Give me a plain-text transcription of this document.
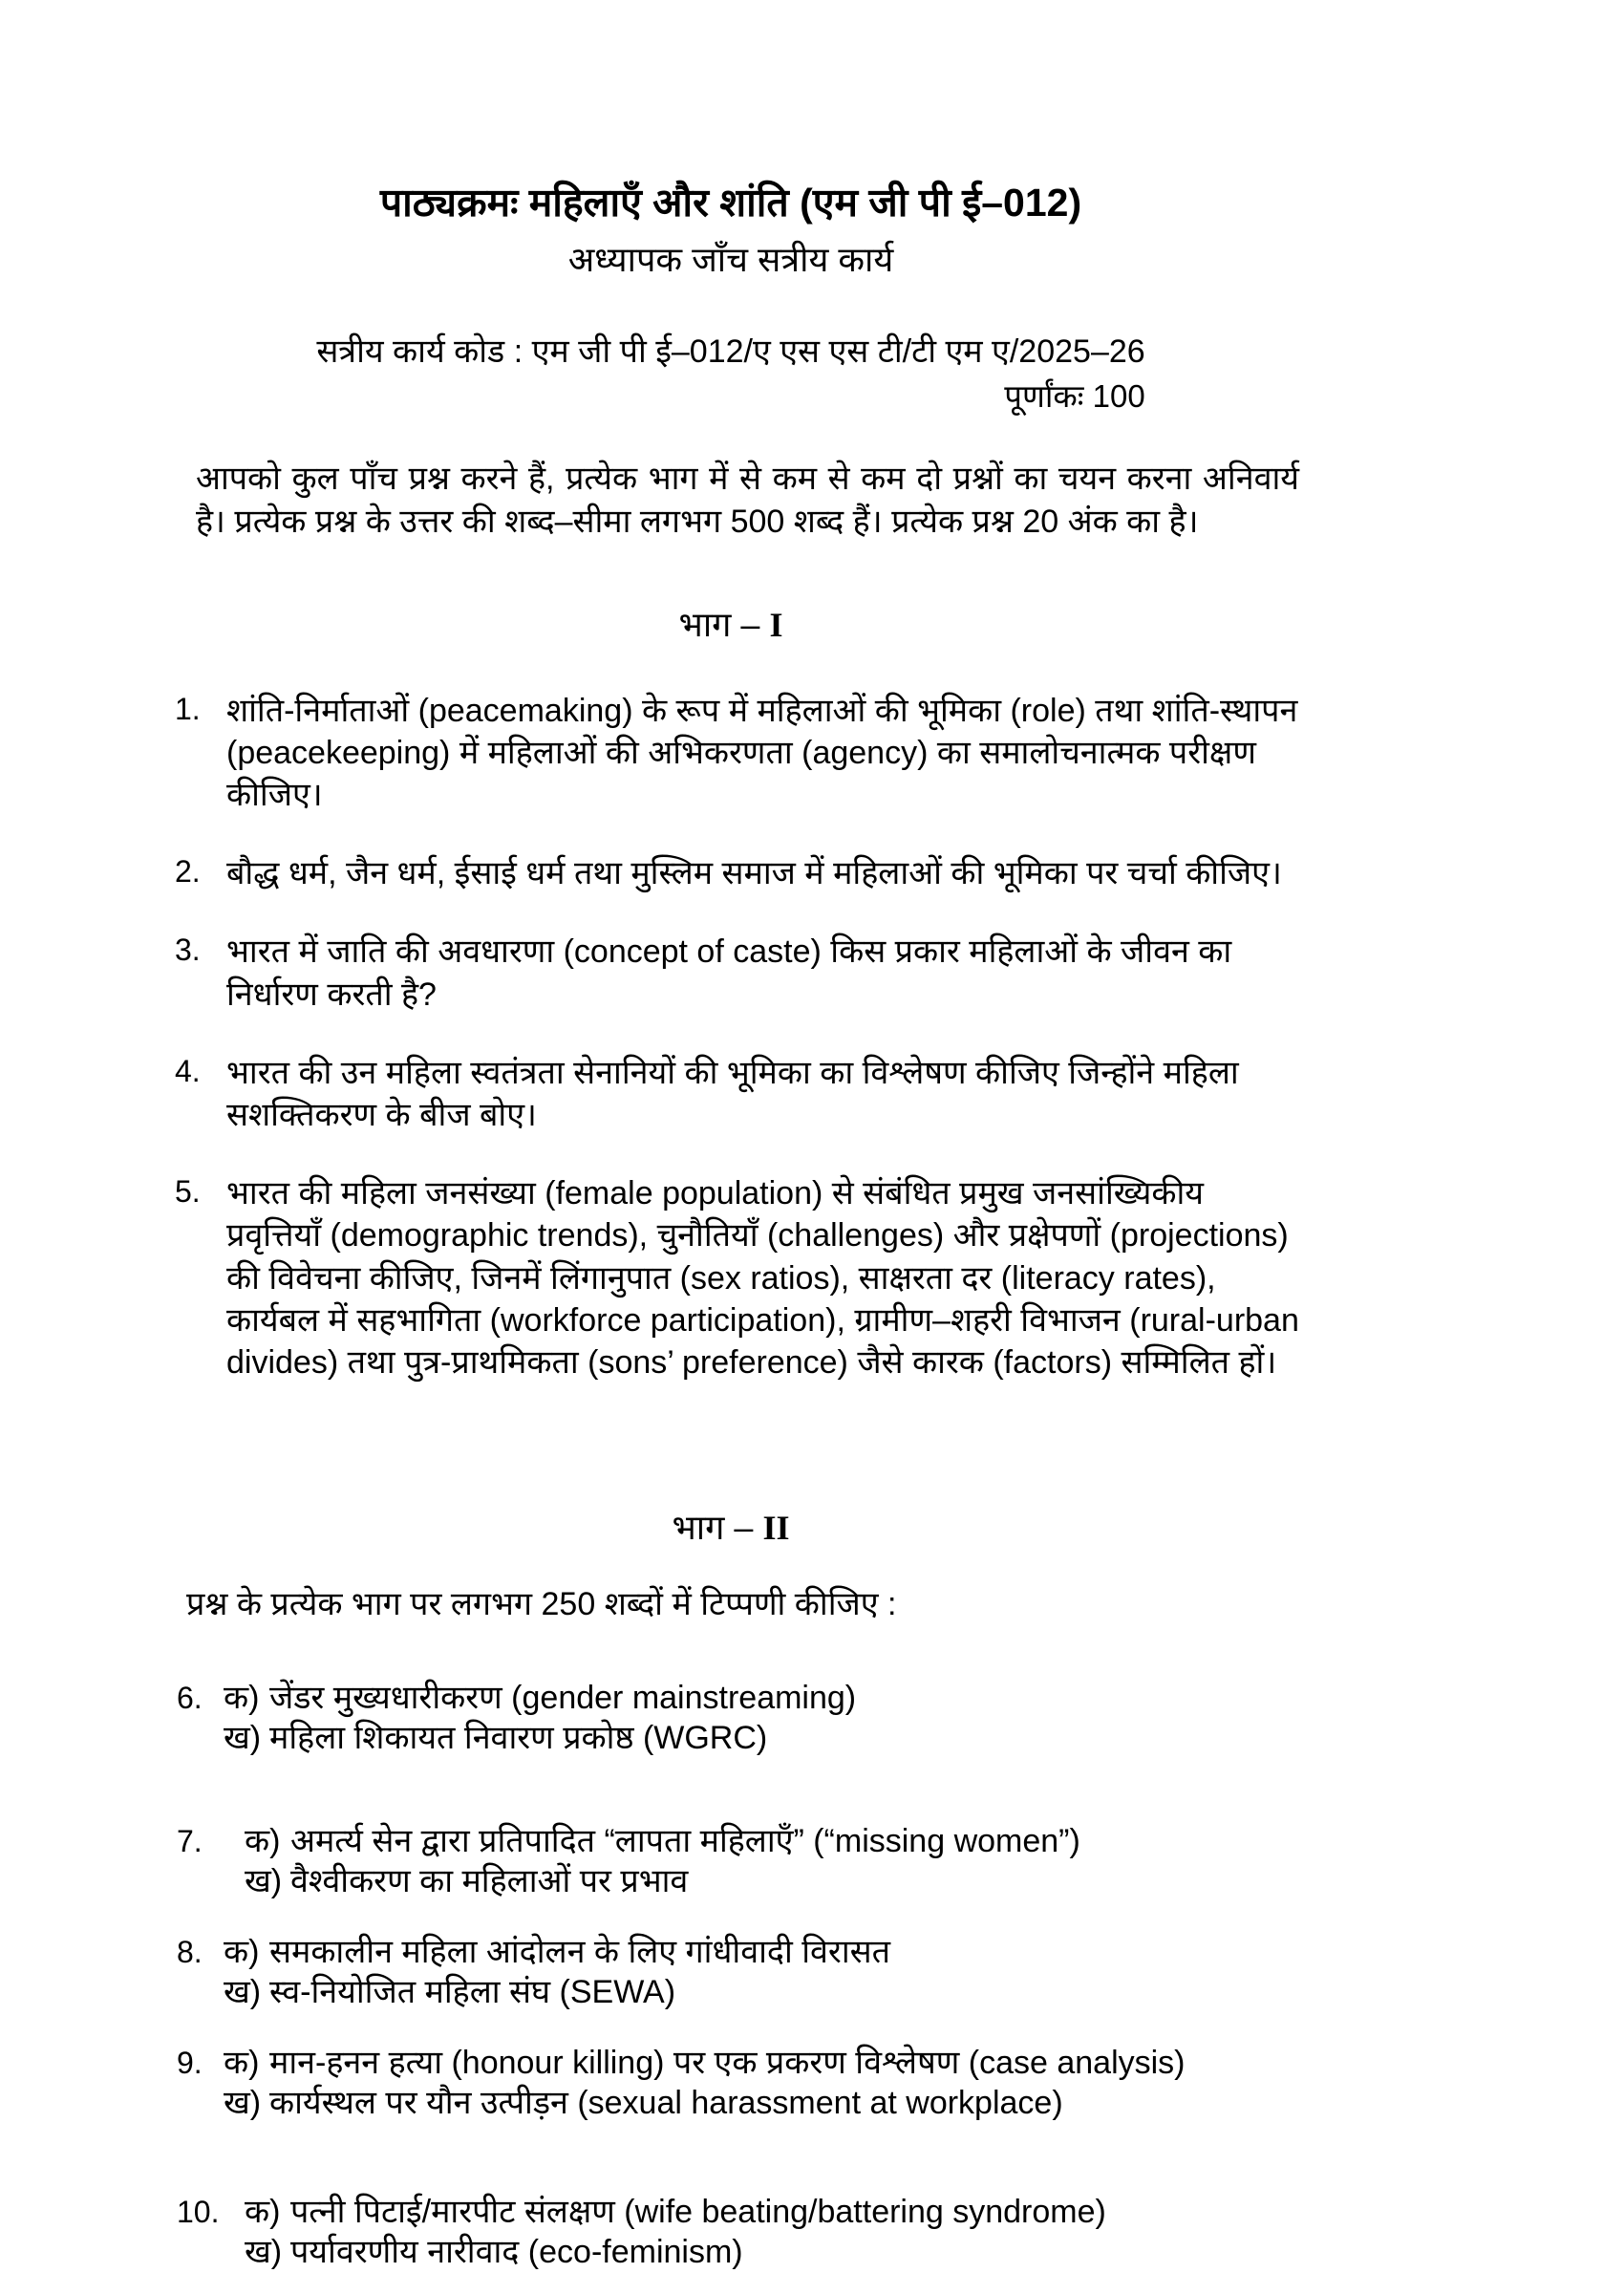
पाठ्यक्रमः महिलाएँ और शांति (एम जी पी ई–012)
अध्यापक जाँच सत्रीय कार्य
सत्रीय कार्य कोड : एम जी पी ई–012/ए एस एस टी/टी एम ए/2025–26
पूर्णांकः 100

आपको कुल पाँच प्रश्न करने हैं, प्रत्येक भाग में से कम से कम दो प्रश्नों का चयन करना अनिवार्य है। प्रत्येक प्रश्न के उत्तर की शब्द–सीमा लगभग 500 शब्द हैं। प्रत्येक प्रश्न 20 अंक का है।

भाग – I
1. शांति-निर्माताओं (peacemaking) के रूप में महिलाओं की भूमिका (role) तथा शांति-स्थापन (peacekeeping) में महिलाओं की अभिकरणता (agency) का समालोचनात्मक परीक्षण कीजिए।
2. बौद्ध धर्म, जैन धर्म, ईसाई धर्म तथा मुस्लिम समाज में महिलाओं की भूमिका पर चर्चा कीजिए।
3. भारत में जाति की अवधारणा (concept of caste) किस प्रकार महिलाओं के जीवन का निर्धारण करती है?
4. भारत की उन महिला स्वतंत्रता सेनानियों की भूमिका का विश्लेषण कीजिए जिन्होंने महिला सशक्तिकरण के बीज बोए।
5. भारत की महिला जनसंख्या (female population) से संबंधित प्रमुख जनसांख्यिकीय प्रवृत्तियाँ (demographic trends), चुनौतियाँ (challenges) और प्रक्षेपणों (projections) की विवेचना कीजिए, जिनमें लिंगानुपात (sex ratios), साक्षरता दर (literacy rates), कार्यबल में सहभागिता (workforce participation), ग्रामीण–शहरी विभाजन (rural-urban divides) तथा पुत्र-प्राथमिकता (sons’ preference) जैसे कारक (factors) सम्मिलित हों।
भाग – II

प्रश्न के प्रत्येक भाग पर लगभग 250 शब्दों में टिप्पणी कीजिए :

6. क) जेंडर मुख्यधारीकरण (gender mainstreaming)
ख) महिला शिकायत निवारण प्रकोष्ठ (WGRC)
7.	क) अमर्त्य सेन द्वारा प्रतिपादित “लापता महिलाएँ” (“missing women”)
ख) वैश्वीकरण का महिलाओं पर प्रभाव
8. क) समकालीन महिला आंदोलन के लिए गांधीवादी विरासत
ख) स्व-नियोजित महिला संघ (SEWA)
9. क) मान-हनन हत्या (honour killing) पर एक प्रकरण विश्लेषण (case analysis)
ख) कार्यस्थल पर यौन उत्पीड़न (sexual harassment at workplace)
10. क) पत्नी पिटाई/मारपीट संलक्षण (wife beating/battering syndrome)
ख) पर्यावरणीय नारीवाद (eco-feminism)
